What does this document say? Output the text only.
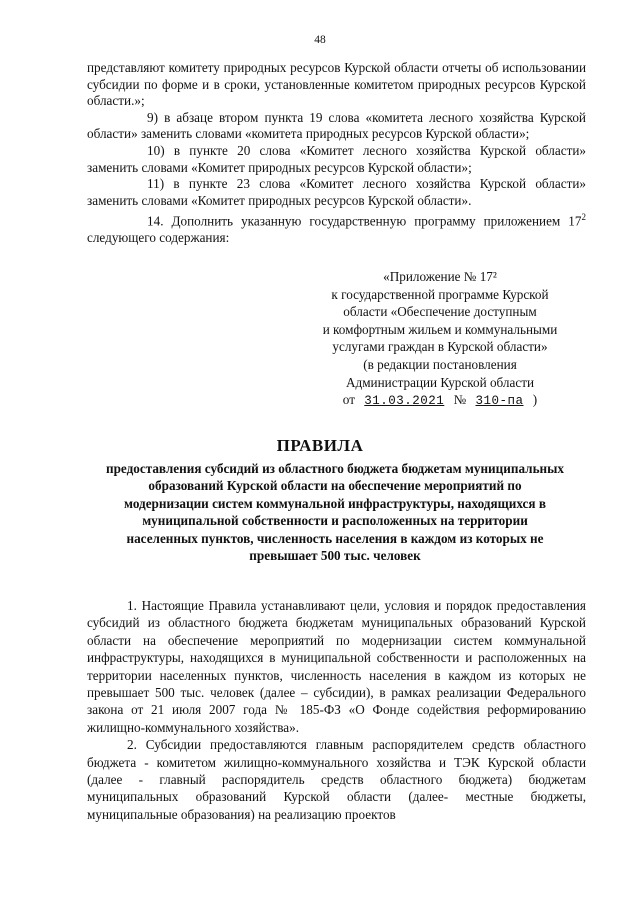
48

представляют комитету природных ресурсов Курской области отчеты об использовании субсидии по форме и в сроки, установленные комитетом природных ресурсов Курской области.»;

9) в абзаце втором пункта 19 слова «комитета лесного хозяйства Курской области» заменить словами «комитета природных ресурсов Курской области»;

10) в пункте 20 слова «Комитет лесного хозяйства Курской области» заменить словами «Комитет природных ресурсов Курской области»;

11) в пункте 23 слова «Комитет лесного хозяйства Курской области» заменить словами «Комитет природных ресурсов Курской области».

14. Дополнить указанную государственную программу приложением $17^2$ следующего содержания:

«Приложение № 17²

к государственной программе Курской

области «Обеспечение доступным

и комфортным жильем и коммунальными

услугами граждан в Курской области»

(в редакции постановления

Администрации Курской области

от 31.03.2021 № 310-па )

ПРАВИЛА
предоставления субсидий из областного бюджета бюджетам муниципальных образований Курской области на обеспечение мероприятий по модернизации систем коммунальной инфраструктуры, находящихся в муниципальной собственности и расположенных на территории населенных пунктов, численность населения в каждом из которых не превышает 500 тыс. человек

1. Настоящие Правила устанавливают цели, условия и порядок предоставления субсидий из областного бюджета бюджетам муниципальных образований Курской области на обеспечение мероприятий по модернизации систем коммунальной инфраструктуры, находящихся в муниципальной собственности и расположенных на территории населенных пунктов, численность населения в каждом из которых не превышает 500 тыс. человек (далее – субсидии), в рамках реализации Федерального закона от 21 июля 2007 года № 185-ФЗ «О Фонде содействия реформированию жилищно-коммунального хозяйства».

2. Субсидии предоставляются главным распорядителем средств областного бюджета - комитетом жилищно-коммунального хозяйства и ТЭК Курской области (далее - главный распорядитель средств областного бюджета) бюджетам муниципальных образований Курской области (далее- местные бюджеты, муниципальные образования) на реализацию проектов
